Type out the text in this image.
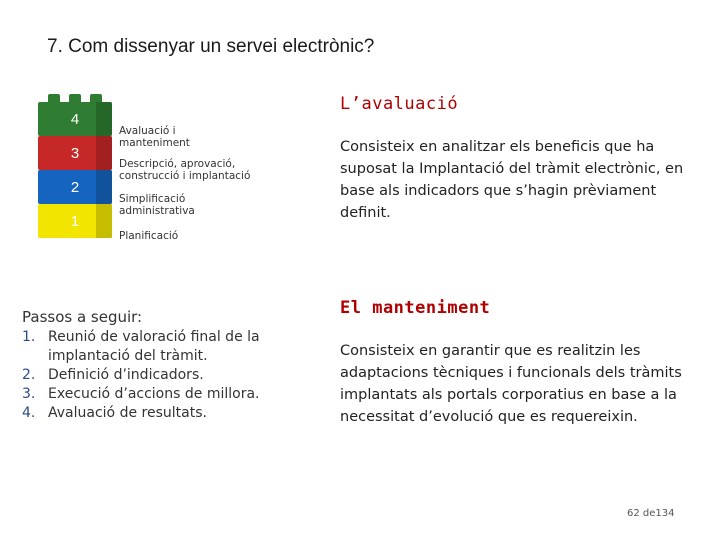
7. Com dissenyar un servei electrònic?
4
3
2
1
Avaluació i manteniment
Descripció, aprovació, construcció i implantació
Simplificació administrativa
Planificació
Passos a seguir:
1. Reunió de valoració final de la implantació del tràmit.
2. Definició d’indicadors.
3. Execució d’accions de millora.
4. Avaluació de resultats.
L’avaluació
Consisteix en analitzar els beneficis que ha suposat la Implantació del tràmit electrònic, en base als indicadors que s’hagin prèviament definit.
El manteniment
Consisteix en garantir que es realitzin les adaptacions tècniques i funcionals dels tràmits implantats als portals corporatius en base a la necessitat d’evolució que es requereixin.
62 de134
